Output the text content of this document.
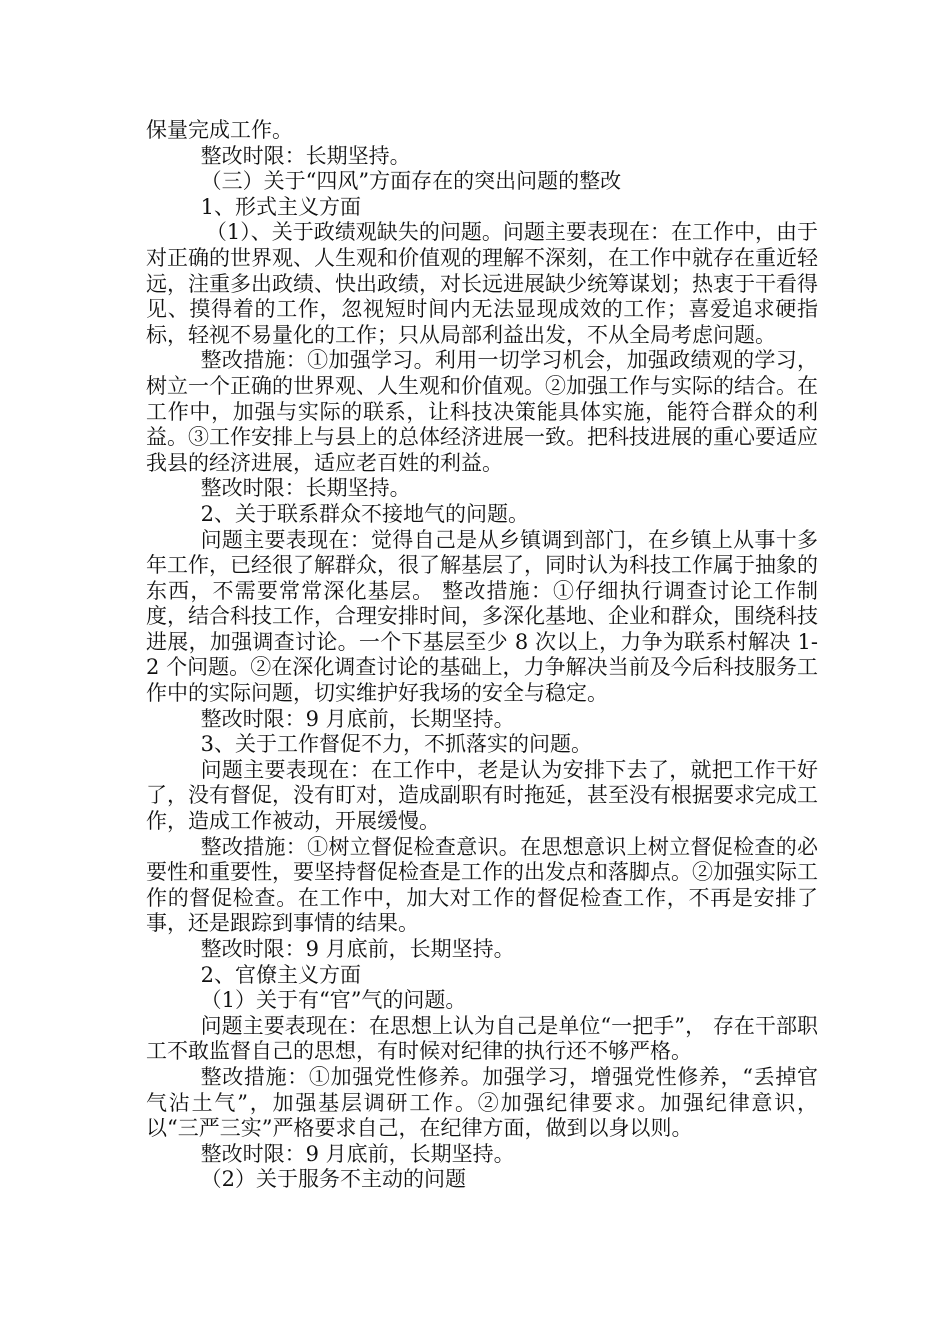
保量完成工作。

整改时限：长期坚持。

（三）关于“四风”方面存在的突出问题的整改

1、形式主义方面

（1）、关于政绩观缺失的问题。问题主要表现在：在工作中，由于对正确的世界观、人生观和价值观的理解不深刻，在工作中就存在重近轻远，注重多出政绩、快出政绩，对长远进展缺少统筹谋划；热衷于干看得见、摸得着的工作，忽视短时间内无法显现成效的工作；喜爱追求硬指标，轻视不易量化的工作；只从局部利益出发，不从全局考虑问题。

整改措施：①加强学习。利用一切学习机会，加强政绩观的学习，树立一个正确的世界观、人生观和价值观。②加强工作与实际的结合。在工作中，加强与实际的联系，让科技决策能具体实施，能符合群众的利益。③工作安排上与县上的总体经济进展一致。把科技进展的重心要适应我县的经济进展，适应老百姓的利益。

整改时限：长期坚持。

2、关于联系群众不接地气的问题。

问题主要表现在：觉得自己是从乡镇调到部门，在乡镇上从事十多年工作，已经很了解群众，很了解基层了，同时认为科技工作属于抽象的东西，不需要常常深化基层。 整改措施：①仔细执行调查讨论工作制度，结合科技工作，合理安排时间，多深化基地、企业和群众，围绕科技进展，加强调查讨论。一个下基层至少 8 次以上，力争为联系村解决 1-2 个问题。②在深化调查讨论的基础上，力争解决当前及今后科技服务工作中的实际问题，切实维护好我场的安全与稳定。

整改时限：9 月底前，长期坚持。

3、关于工作督促不力，不抓落实的问题。

问题主要表现在：在工作中，老是认为安排下去了，就把工作干好了，没有督促，没有盯对，造成副职有时拖延，甚至没有根据要求完成工作，造成工作被动，开展缓慢。

整改措施：①树立督促检查意识。在思想意识上树立督促检查的必要性和重要性，要坚持督促检查是工作的出发点和落脚点。②加强实际工作的督促检查。在工作中，加大对工作的督促检查工作，不再是安排了事，还是跟踪到事情的结果。

整改时限：9 月底前，长期坚持。

2、官僚主义方面

（1）关于有“官”气的问题。

问题主要表现在：在思想上认为自己是单位“一把手”， 存在干部职工不敢监督自己的思想，有时候对纪律的执行还不够严格。

整改措施：①加强党性修养。加强学习，增强党性修养，“丢掉官气沾土气”，加强基层调研工作。②加强纪律要求。加强纪律意识，以“三严三实”严格要求自己，在纪律方面，做到以身以则。

整改时限：9 月底前，长期坚持。

（2）关于服务不主动的问题
